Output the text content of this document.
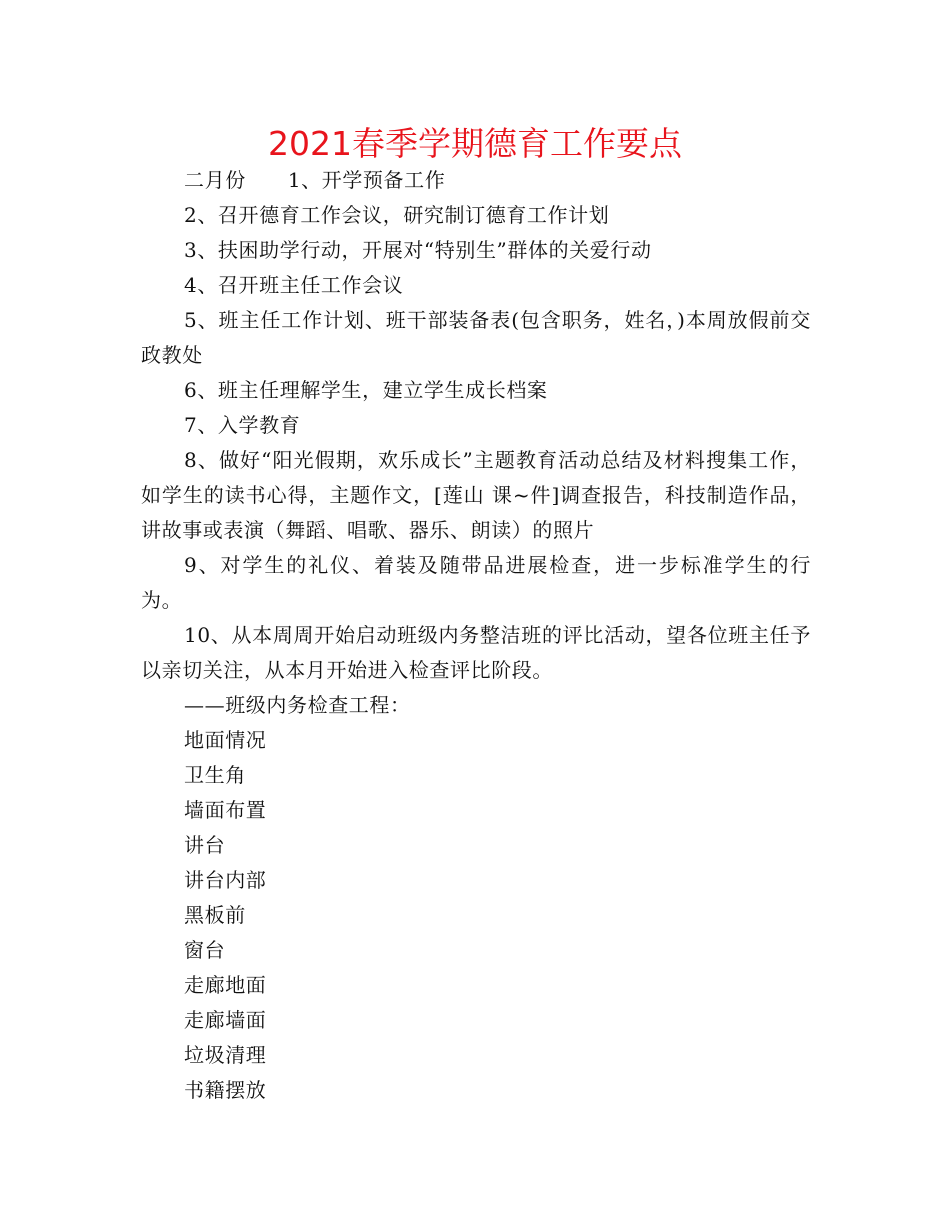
2021春季学期德育工作要点

二月份 1、开学预备工作

2、召开德育工作会议，研究制订德育工作计划

3、扶困助学行动，开展对“特别生”群体的关爱行动

4、召开班主任工作会议

5、班主任工作计划、班干部装备表(包含职务，姓名，)本周放假前交政教处

6、班主任理解学生，建立学生成长档案

7、入学教育

8、做好“阳光假期，欢乐成长”主题教育活动总结及材料搜集工作，如学生的读书心得，主题作文，[莲山 课~件]调查报告，科技制造作品，讲故事或表演（舞蹈、唱歌、器乐、朗读）的照片

9、对学生的礼仪、着装及随带品进展检查，进一步标准学生的行为。

10、从本周周开始启动班级内务整洁班的评比活动，望各位班主任予以亲切关注，从本月开始进入检查评比阶段。

——班级内务检查工程：

地面情况

卫生角

墙面布置

讲台

讲台内部

黑板前

窗台

走廊地面

走廊墙面

垃圾清理

书籍摆放
